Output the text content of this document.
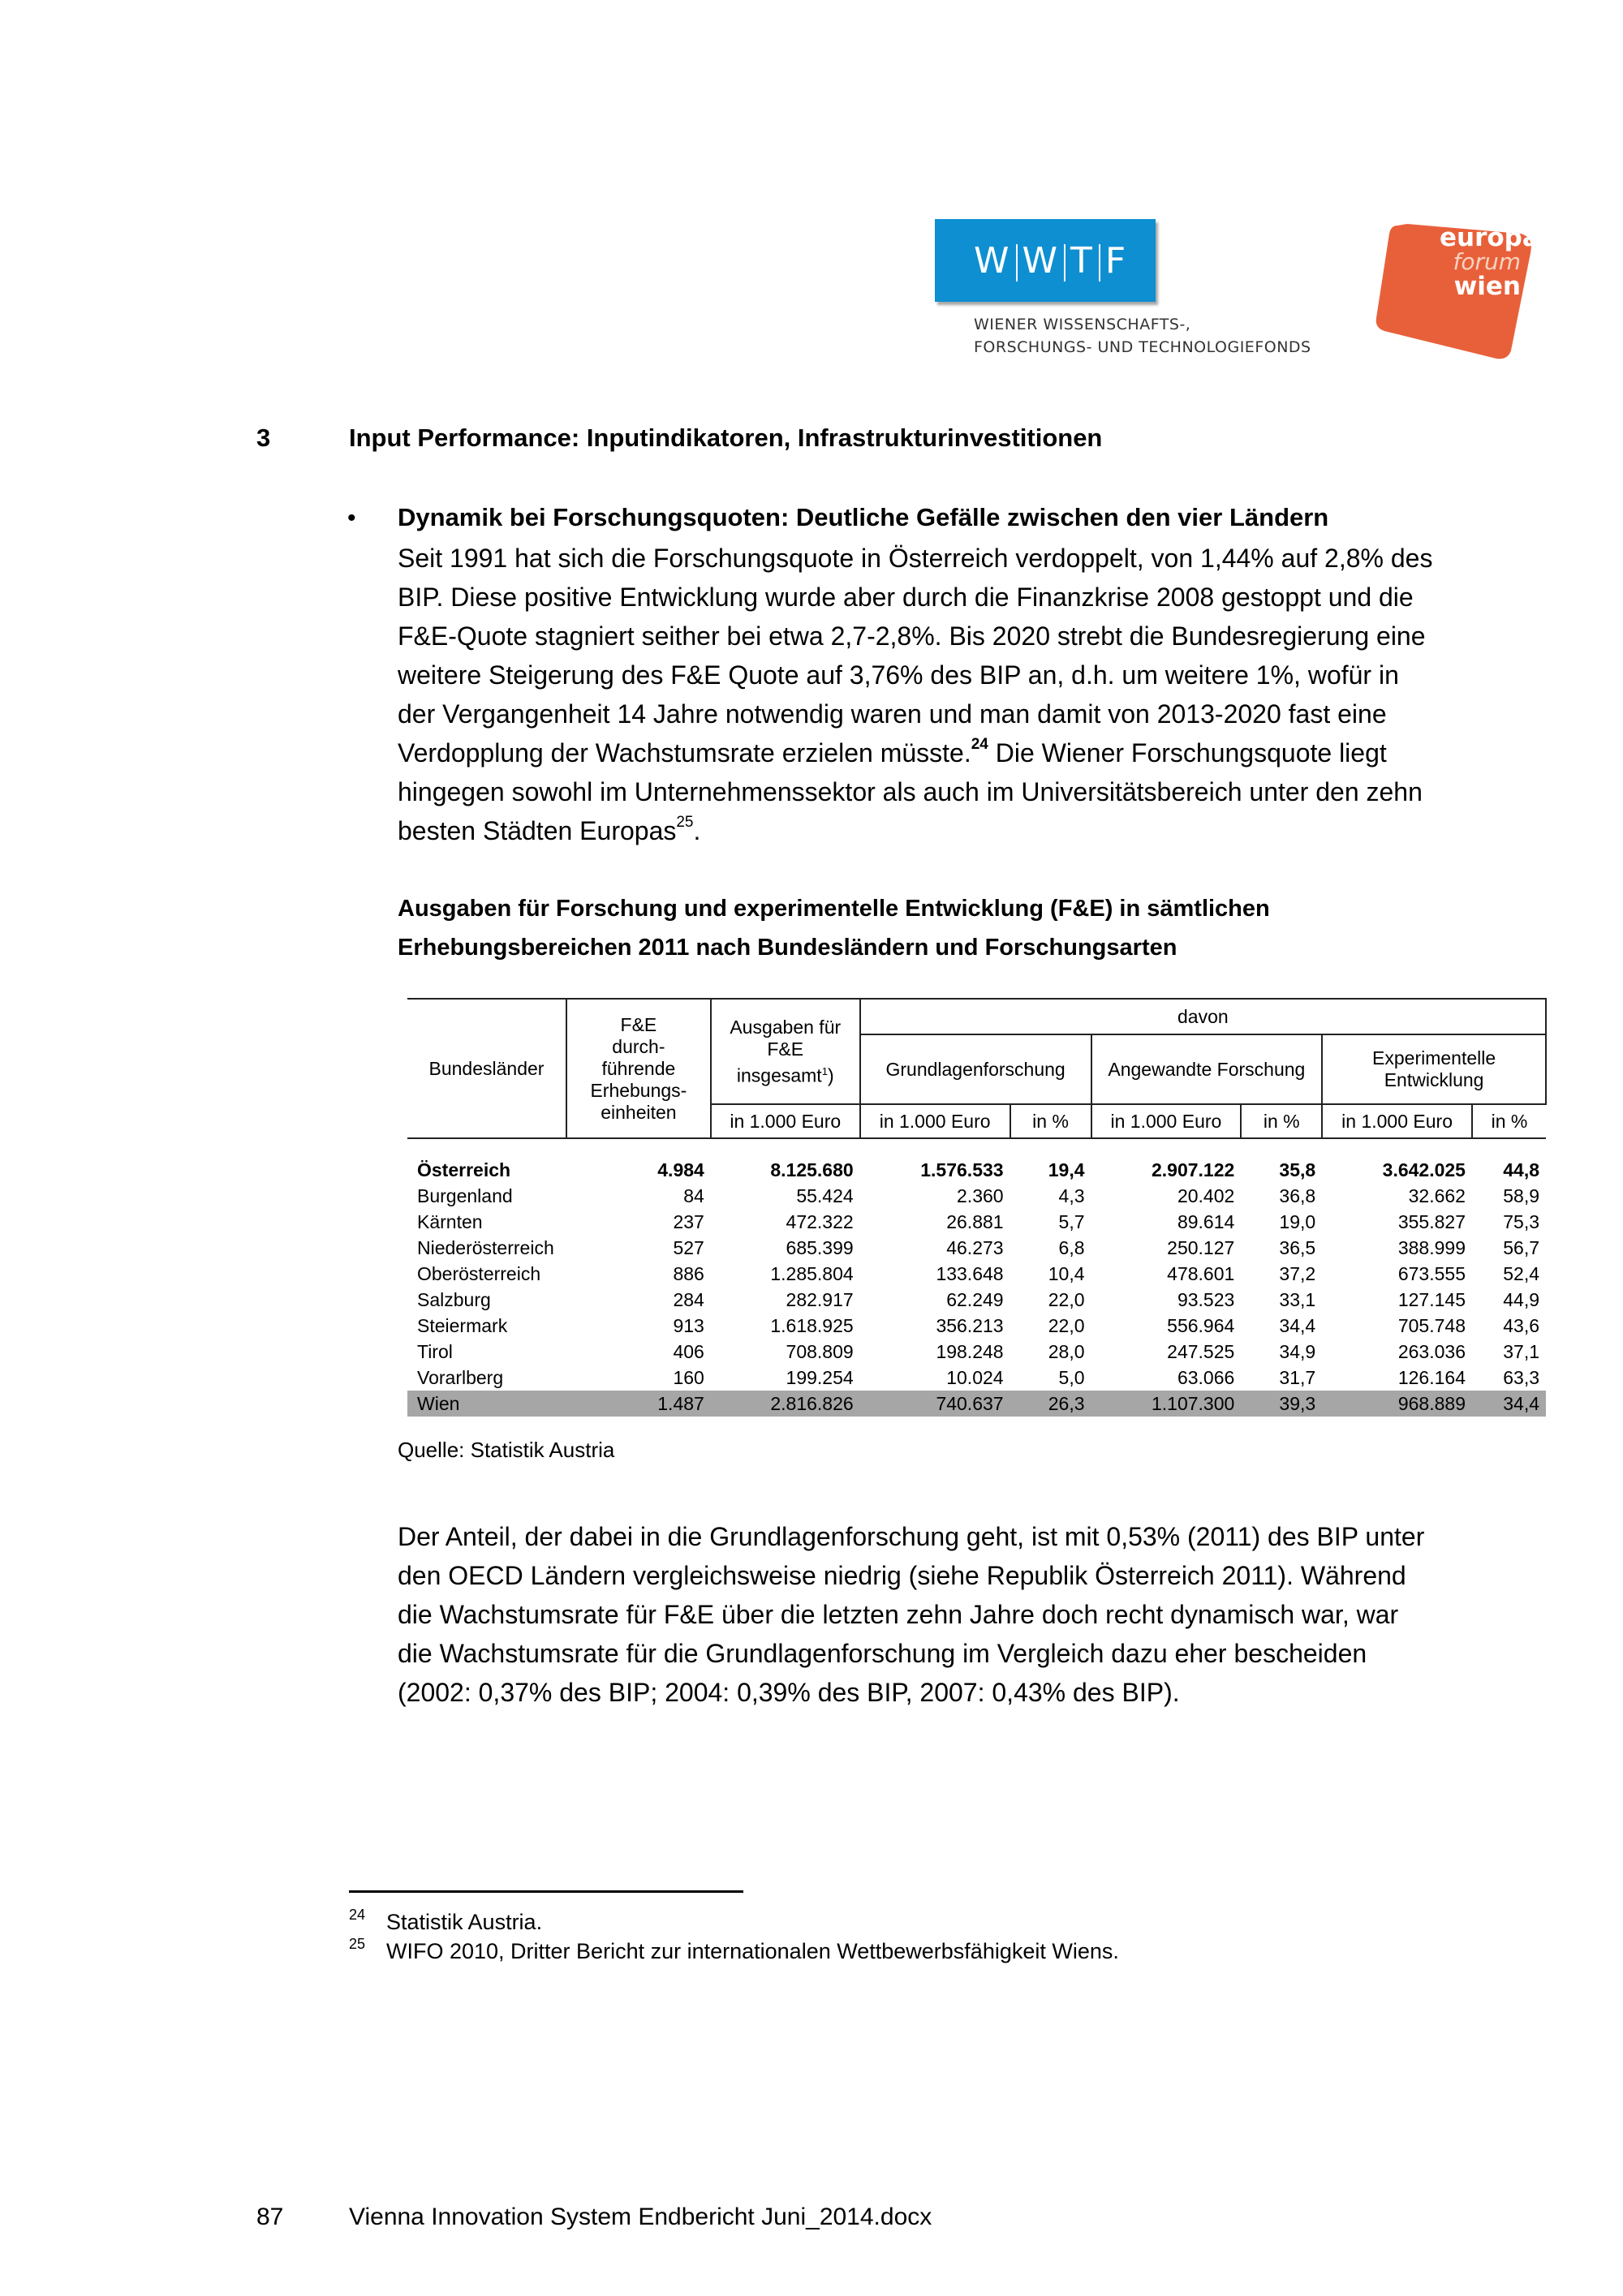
W W T F
WIENER WISSENSCHAFTS-,
FORSCHUNGS- UND TECHNOLOGIEFONDS
europa
forum
wien
3	Input Performance: Inputindikatoren, Infrastrukturinvestitionen
• Dynamik bei Forschungsquoten: Deutliche Gefälle zwischen den vier Ländern
Seit 1991 hat sich die Forschungsquote in Österreich verdoppelt, von 1,44% auf 2,8% des
BIP. Diese positive Entwicklung wurde aber durch die Finanzkrise 2008 gestoppt und die
F&E-Quote stagniert seither bei etwa 2,7-2,8%. Bis 2020 strebt die Bundesregierung eine
weitere Steigerung des F&E Quote auf 3,76% des BIP an, d.h. um weitere 1%, wofür in
der Vergangenheit 14 Jahre notwendig waren und man damit von 2013-2020 fast eine
Verdopplung der Wachstumsrate erzielen müsste.$^{24}$ Die Wiener Forschungsquote liegt
hingegen sowohl im Unternehmenssektor als auch im Universitätsbereich unter den zehn
besten Städten Europas$^{25}$.
Ausgaben für Forschung und experimentelle Entwicklung (F&E) in sämtlichen
Erhebungsbereichen 2011 nach Bundesländern und Forschungsarten
Bundesländer	
F&E
durch-
führende
Erhebungs-
einheiten

Ausgaben für
F&E
insgesamt$^1$)
	davon
			Grundlagenforschung		Angewandte Forschung		Experimentelle
Entwicklung	

		in 1.000 Euro	in 1.000 Euro	in %	in 1.000 Euro	in %	in 1.000 Euro	in %

Österreich	4.984	8.125.680	1.576.533	19,4	2.907.122	35,8	3.642.025	44,8
Burgenland	84	55.424	2.360	4,3	20.402	36,8	32.662	58,9
Kärnten	237	472.322	26.881	5,7	89.614	19,0	355.827	75,3
Niederösterreich	527	685.399	46.273	6,8	250.127	36,5	388.999	56,7
Oberösterreich	886	1.285.804	133.648	10,4	478.601	37,2	673.555	52,4
Salzburg	284	282.917	62.249	22,0	93.523	33,1	127.145	44,9
Steiermark	913	1.618.925	356.213	22,0	556.964	34,4	705.748	43,6
Tirol	406	708.809	198.248	28,0	247.525	34,9	263.036	37,1
Vorarlberg	160	199.254	10.024	5,0	63.066	31,7	126.164	63,3
Wien	1.487	2.816.826	740.637	26,3	1.107.300	39,3	968.889	34,4
Quelle: Statistik Austria
Der Anteil, der dabei in die Grundlagenforschung geht, ist mit 0,53% (2011) des BIP unter
den OECD Ländern vergleichsweise niedrig (siehe Republik Österreich 2011). Während
die Wachstumsrate für F&E über die letzten zehn Jahre doch recht dynamisch war, war
die Wachstumsrate für die Grundlagenforschung im Vergleich dazu eher bescheiden
(2002: 0,37% des BIP; 2004: 0,39% des BIP, 2007: 0,43% des BIP).
24 Statistik Austria.
25 WIFO 2010, Dritter Bericht zur internationalen Wettbewerbsfähigkeit Wiens.
87	Vienna Innovation System Endbericht Juni_2014.docx
